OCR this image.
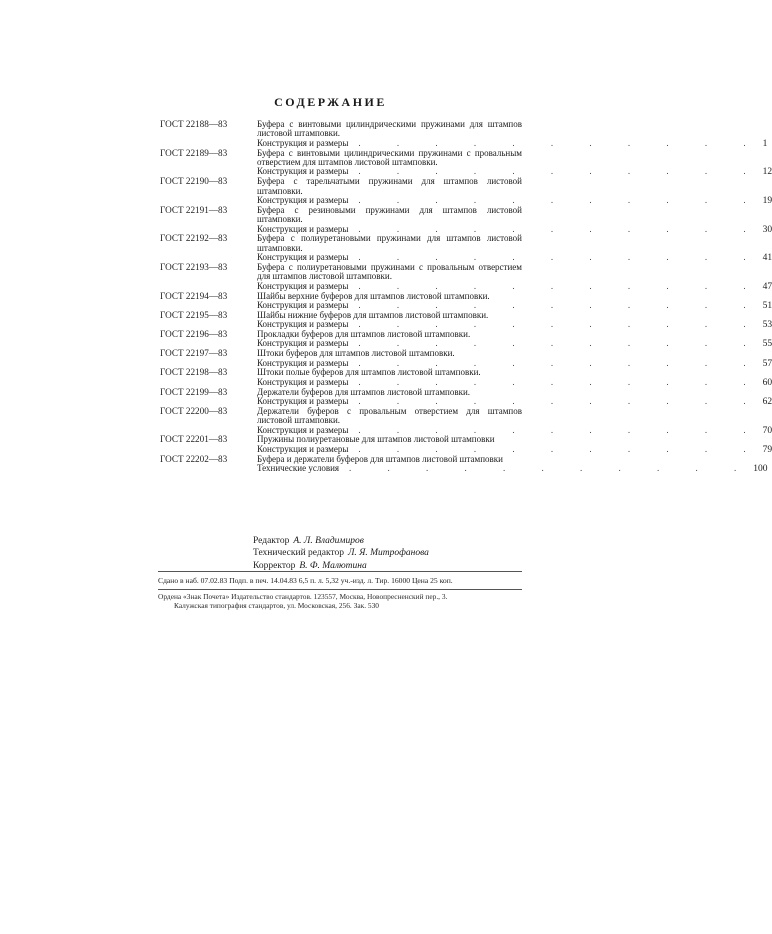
СОДЕРЖАНИЕ
ГОСТ 22188—83	Буфера с винтовыми цилиндрическими пружинами для штампов листовой штамповки.
Конструкция и размеры	. . . . . . . . . . . 1
ГОСТ 22189—83	Буфера с винтовыми цилиндрическими пружинами с провальным отверстием для штампов листовой штамповки.
Конструкция и размеры	. . . . . . . . . . . 12
ГОСТ 22190—83	Буфера с тарельчатыми пружинами для штампов листовой штамповки.
Конструкция и размеры	. . . . . . . . . . . 19
ГОСТ 22191—83	Буфера с резиновыми пружинами для штампов листовой штамповки.
Конструкция и размеры	. . . . . . . . . . . 30
ГОСТ 22192—83	Буфера с полиуретановыми пружинами для штампов листовой штамповки.
Конструкция и размеры	. . . . . . . . . . . 41
ГОСТ 22193—83	Буфера с полиуретановыми пружинами с провальным отверстием для штампов листовой штамповки.
Конструкция и размеры	. . . . . . . . . . . 47
ГОСТ 22194—83	Шайбы верхние буферов для штампов листовой штамповки.
Конструкция и размеры	. . . . . . . . . . . 51
ГОСТ 22195—83	Шайбы нижние буферов для штампов листовой штамповки.
Конструкция и размеры	. . . . . . . . . . . 53
ГОСТ 22196—83	Прокладки буферов для штампов листовой штамповки.
Конструкция и размеры	. . . . . . . . . . . 55
ГОСТ 22197—83	Штоки буферов для штампов листовой штамповки.
Конструкция и размеры	. . . . . . . . . . . 57
ГОСТ 22198—83	Штоки полые буферов для штампов листовой штамповки.
Конструкция и размеры	. . . . . . . . . . . 60
ГОСТ 22199—83	Держатели буферов для штампов листовой штамповки.
Конструкция и размеры	. . . . . . . . . . . 62
ГОСТ 22200—83	Держатели буферов с провальным отверстием для штампов листовой штамповки.
Конструкция и размеры	. . . . . . . . . . . 70
ГОСТ 22201—83	Пружины полиуретановые для штампов листовой штамповки
Конструкция и размеры	. . . . . . . . . . . 79
ГОСТ 22202—83	Буфера и держатели буферов для штампов листовой штамповки
Технические условия	. . . . . . . . . . . 100
Редактор А. Л. Владимиров
Технический редактор Л. Я. Митрофанова
Корректор В. Ф. Малютина
Сдано в наб. 07.02.83 Подп. в печ. 14.04.83 6,5 п. л. 5,32 уч.-изд. л. Тир. 16000 Цена 25 коп.
Ордена «Знак Почета» Издательство стандартов. 123557, Москва, Новопресненский пер., 3.
Калужская типография стандартов, ул. Московская, 256. Зак. 530
